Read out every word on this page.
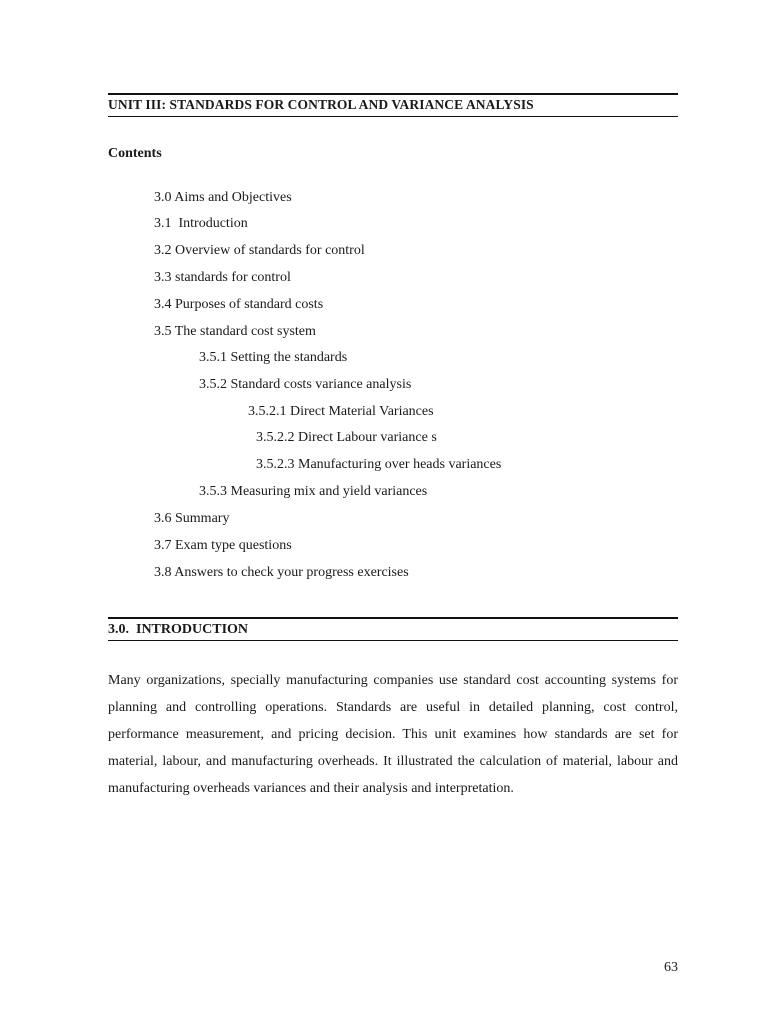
UNIT III: STANDARDS FOR CONTROL AND VARIANCE ANALYSIS
Contents
3.0 Aims and Objectives
3.1  Introduction
3.2 Overview of standards for control
3.3 standards for control
3.4 Purposes of standard costs
3.5 The standard cost system
3.5.1 Setting the standards
3.5.2 Standard costs variance analysis
3.5.2.1 Direct Material Variances
3.5.2.2 Direct Labour variance s
3.5.2.3 Manufacturing over heads variances
3.5.3 Measuring mix and yield variances
3.6 Summary
3.7 Exam type questions
3.8 Answers to check your progress exercises
3.0.  INTRODUCTION
Many organizations, specially manufacturing companies use standard cost accounting systems for planning and controlling operations. Standards are useful in detailed planning, cost control, performance measurement, and pricing decision. This unit examines how standards are set for material, labour, and manufacturing overheads. It illustrated the calculation of material, labour and manufacturing overheads variances and their analysis and interpretation.
63
